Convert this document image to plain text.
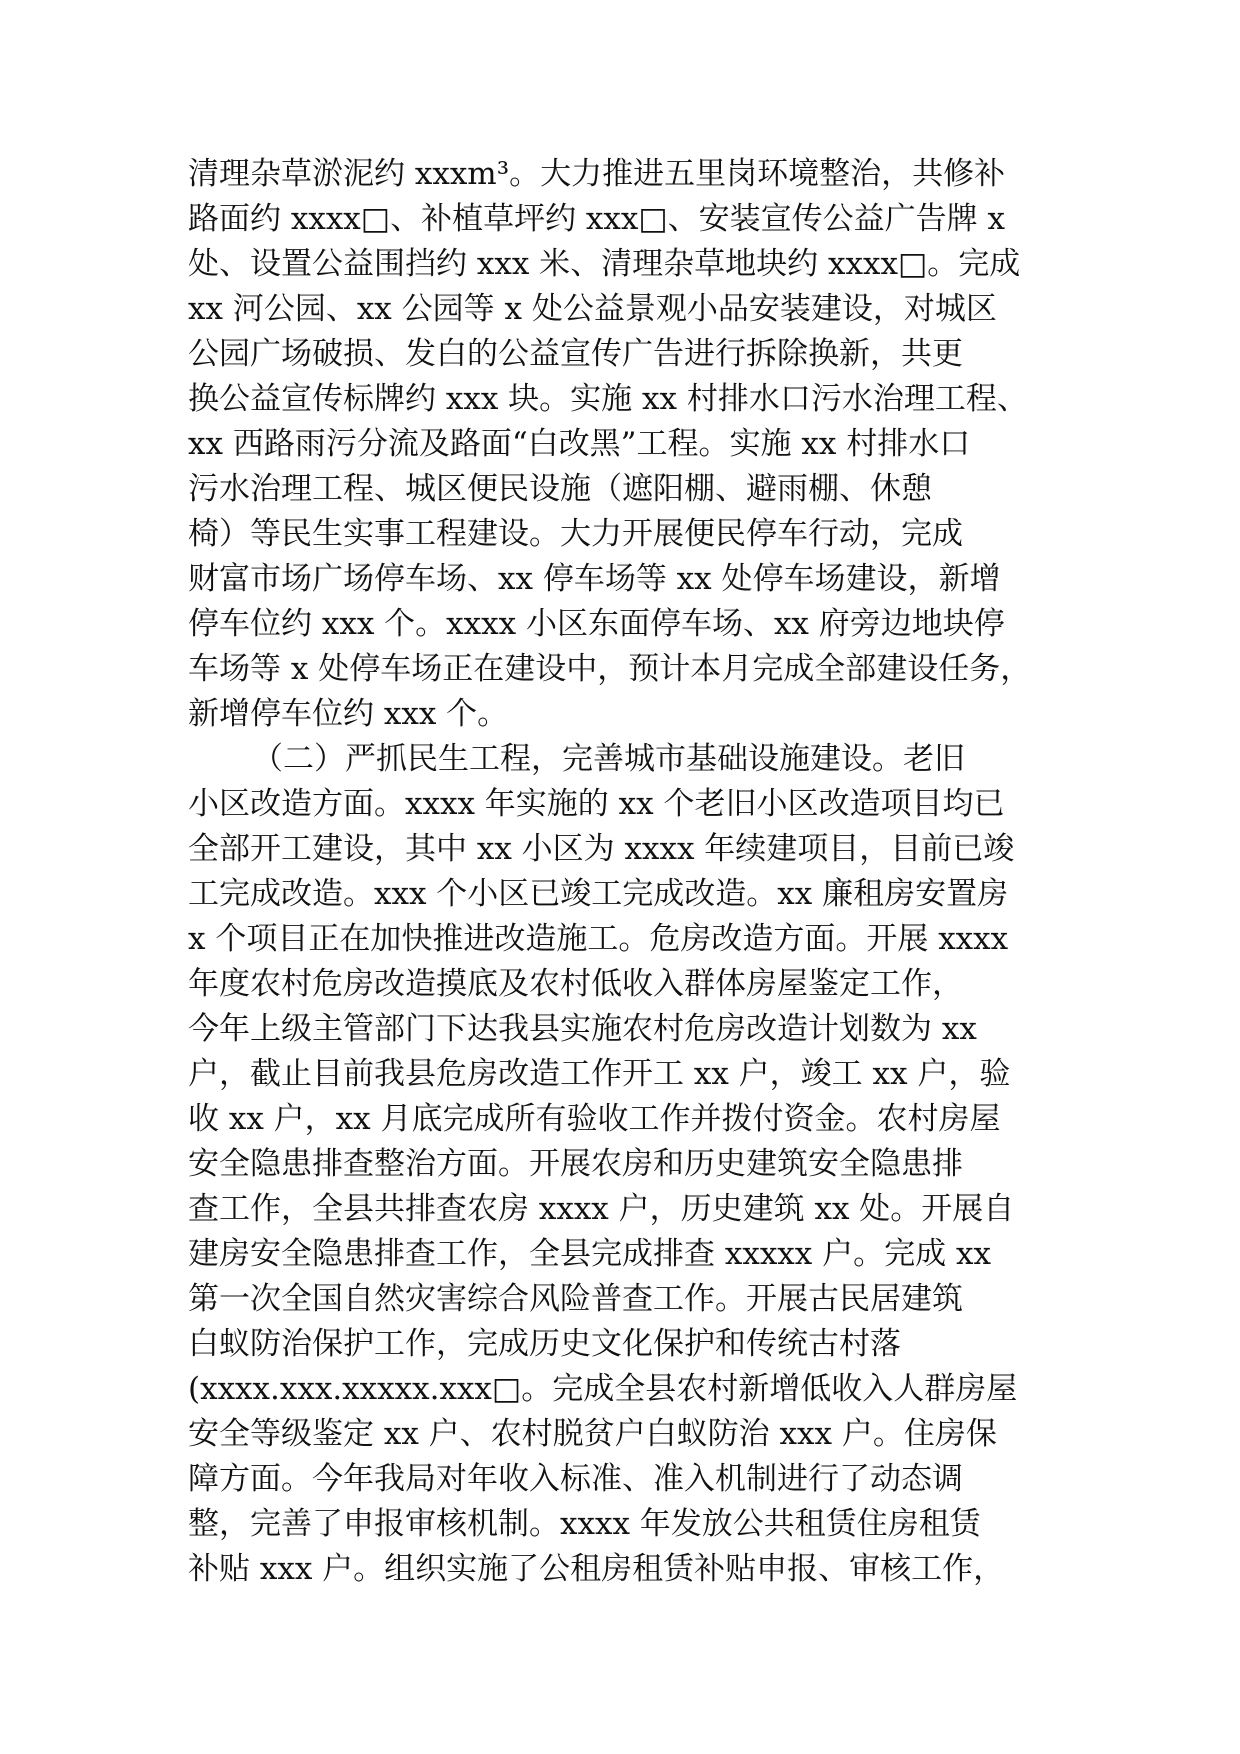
清理杂草淤泥约 xxxm³。大力推进五里岗环境整治，共修补
路面约 xxxx□、补植草坪约 xxx□、安装宣传公益广告牌 x
处、设置公益围挡约 xxx 米、清理杂草地块约 xxxx□。完成
xx 河公园、xx 公园等 x 处公益景观小品安装建设，对城区
公园广场破损、发白的公益宣传广告进行拆除换新，共更
换公益宣传标牌约 xxx 块。实施 xx 村排水口污水治理工程、
xx 西路雨污分流及路面“白改黑”工程。实施 xx 村排水口
污水治理工程、城区便民设施（遮阳棚、避雨棚、休憩
椅）等民生实事工程建设。大力开展便民停车行动，完成
财富市场广场停车场、xx 停车场等 xx 处停车场建设，新增
停车位约 xxx 个。xxxx 小区东面停车场、xx 府旁边地块停
车场等 x 处停车场正在建设中，预计本月完成全部建设任务，
新增停车位约 xxx 个。
（二）严抓民生工程，完善城市基础设施建设。老旧
小区改造方面。xxxx 年实施的 xx 个老旧小区改造项目均已
全部开工建设，其中 xx 小区为 xxxx 年续建项目，目前已竣
工完成改造。xxx 个小区已竣工完成改造。xx 廉租房安置房
x 个项目正在加快推进改造施工。危房改造方面。开展 xxxx
年度农村危房改造摸底及农村低收入群体房屋鉴定工作，
今年上级主管部门下达我县实施农村危房改造计划数为 xx
户，截止目前我县危房改造工作开工 xx 户，竣工 xx 户，验
收 xx 户，xx 月底完成所有验收工作并拨付资金。农村房屋
安全隐患排查整治方面。开展农房和历史建筑安全隐患排
查工作，全县共排查农房 xxxx 户，历史建筑 xx 处。开展自
建房安全隐患排查工作，全县完成排查 xxxxx 户。完成 xx
第一次全国自然灾害综合风险普查工作。开展古民居建筑
白蚁防治保护工作，完成历史文化保护和传统古村落
(xxxx.xxx.xxxxx.xxx□。完成全县农村新增低收入人群房屋
安全等级鉴定 xx 户、农村脱贫户白蚁防治 xxx 户。住房保
障方面。今年我局对年收入标准、准入机制进行了动态调
整，完善了申报审核机制。xxxx 年发放公共租赁住房租赁
补贴 xxx 户。组织实施了公租房租赁补贴申报、审核工作，
